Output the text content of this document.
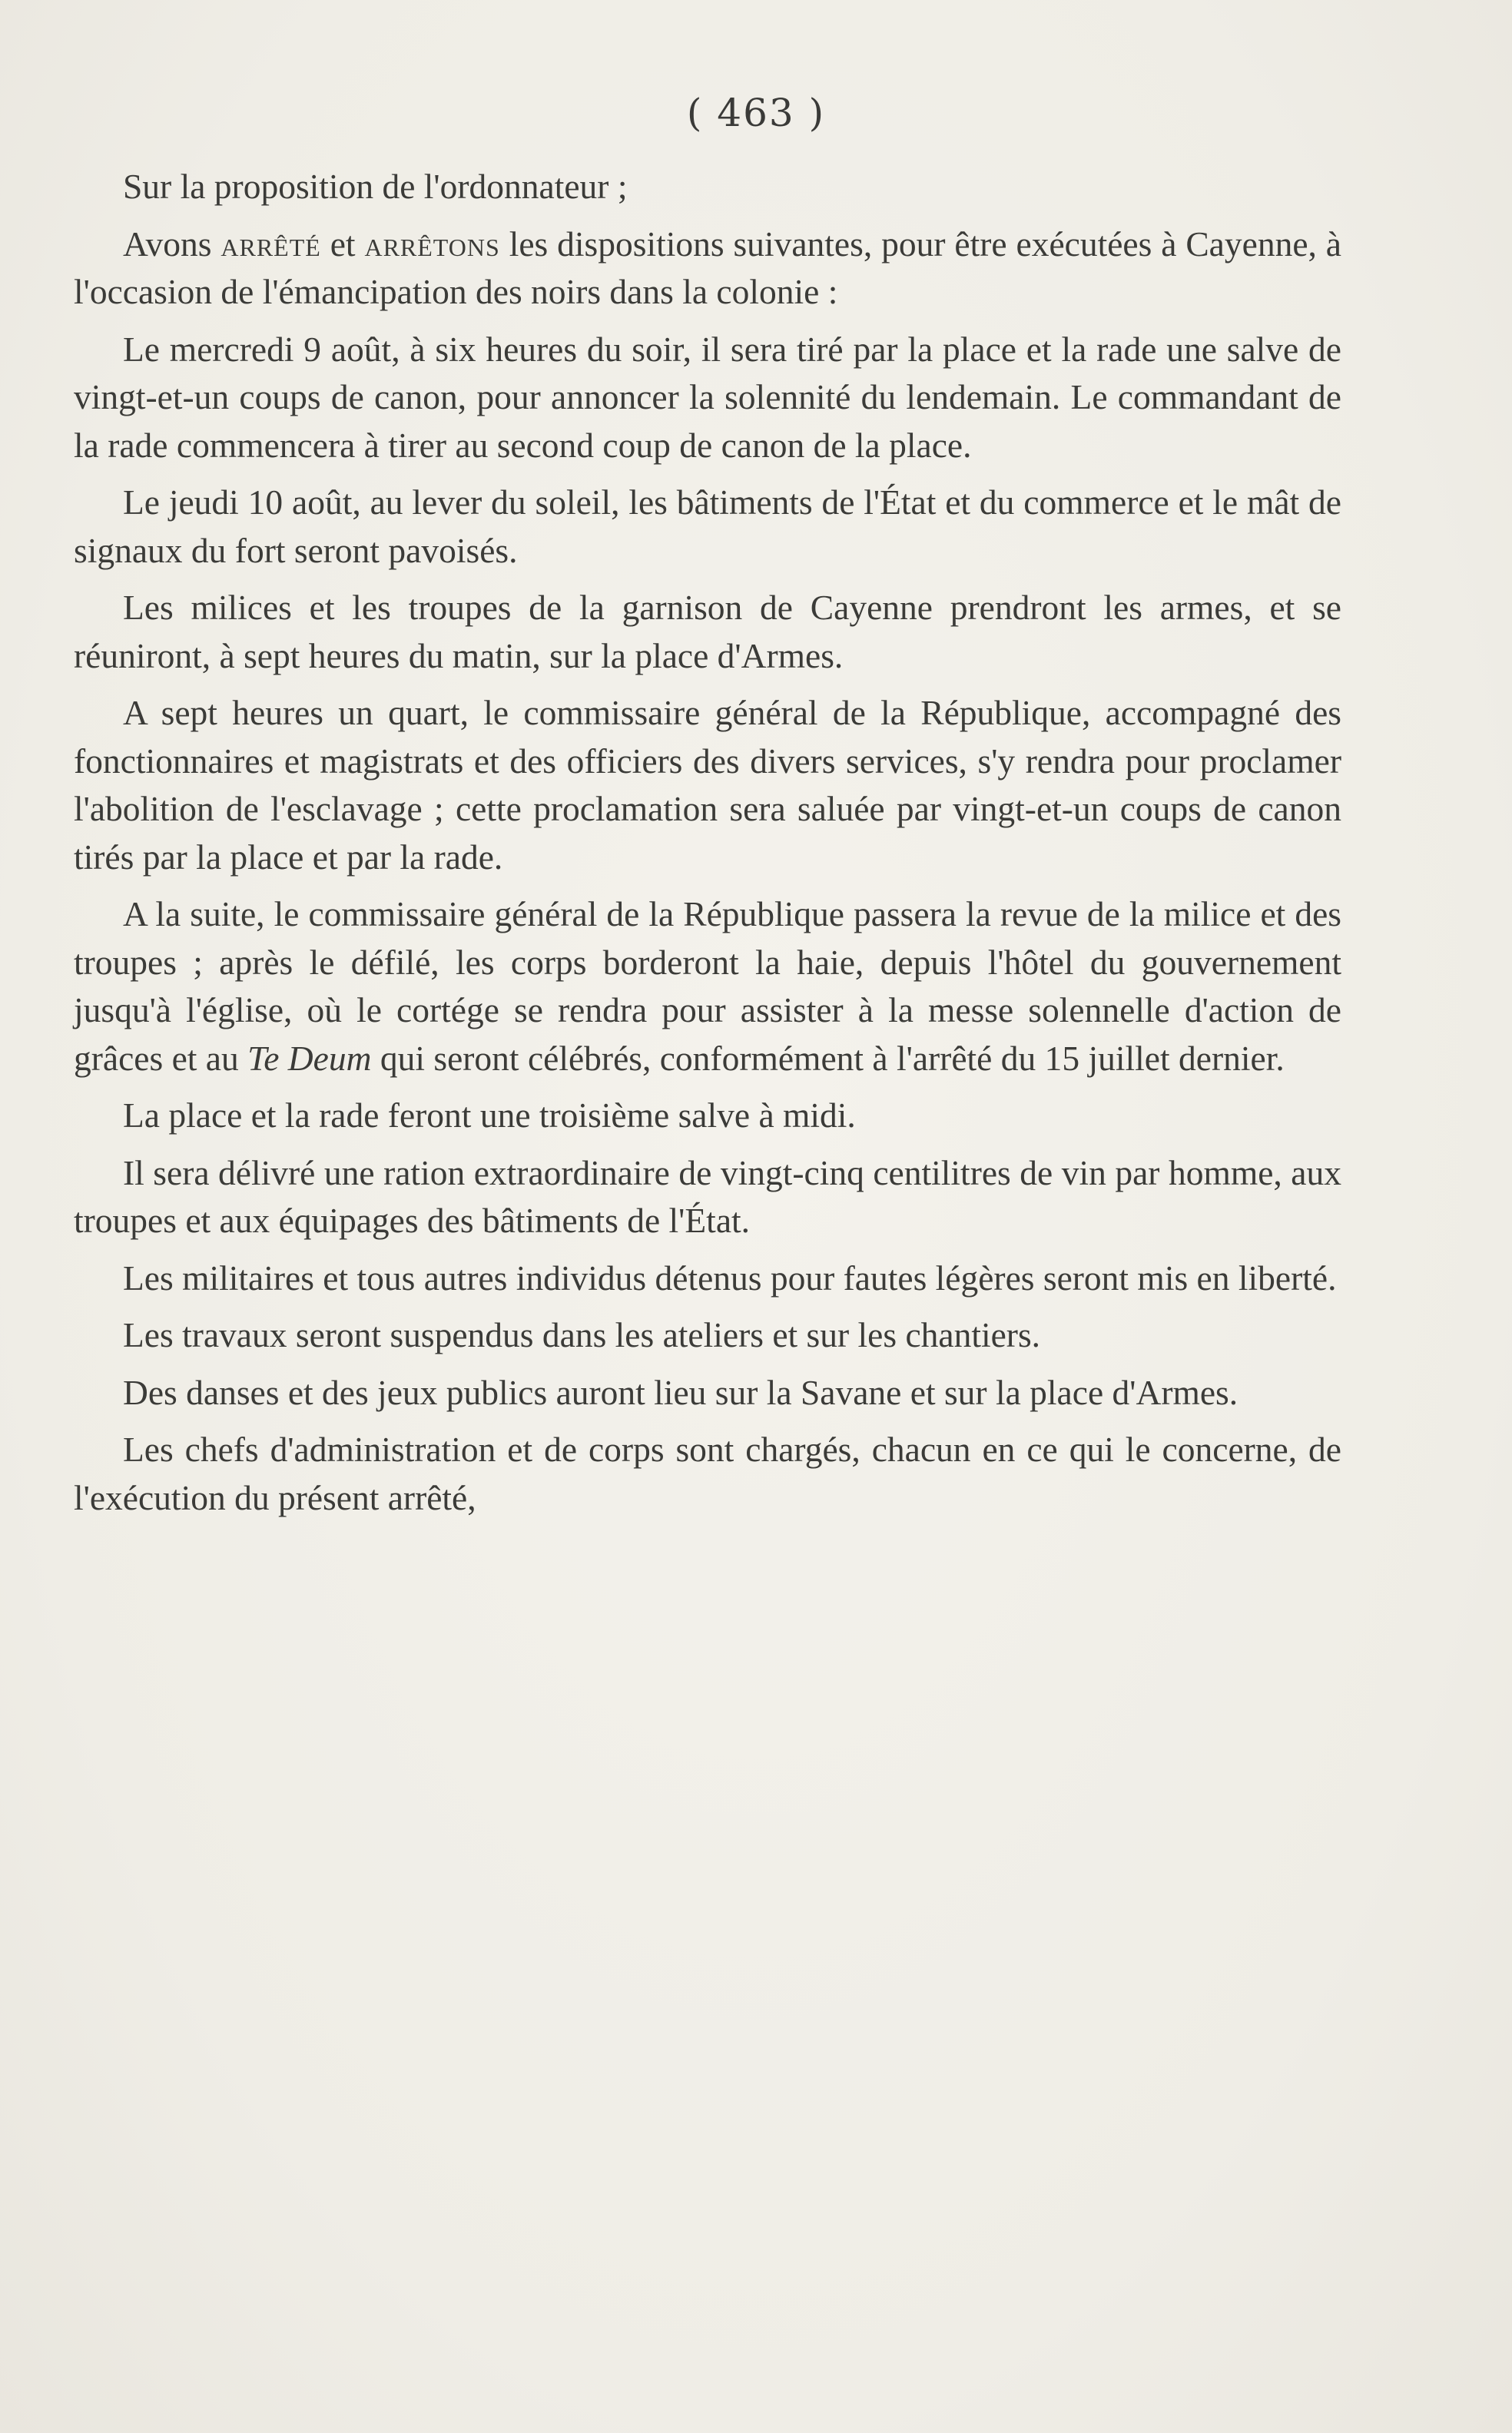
( 463 )

Sur la proposition de l'ordonnateur ;

Avons arrêté et arrêtons les dispositions suivantes, pour être exécutées à Cayenne, à l'occasion de l'émancipation des noirs dans la colonie :

Le mercredi 9 août, à six heures du soir, il sera tiré par la place et la rade une salve de vingt-et-un coups de canon, pour annoncer la solennité du lendemain. Le commandant de la rade commencera à tirer au second coup de canon de la place.

Le jeudi 10 août, au lever du soleil, les bâtiments de l'État et du commerce et le mât de signaux du fort seront pavoisés.

Les milices et les troupes de la garnison de Cayenne prendront les armes, et se réuniront, à sept heures du matin, sur la place d'Armes.

A sept heures un quart, le commissaire général de la République, accompagné des fonctionnaires et magistrats et des officiers des divers services, s'y rendra pour proclamer l'abolition de l'esclavage ; cette proclamation sera saluée par vingt-et-un coups de canon tirés par la place et par la rade.

A la suite, le commissaire général de la République passera la revue de la milice et des troupes ; après le défilé, les corps borderont la haie, depuis l'hôtel du gouvernement jusqu'à l'église, où le cortége se rendra pour assister à la messe solennelle d'action de grâces et au Te Deum qui seront célébrés, conformément à l'arrêté du 15 juillet dernier.

La place et la rade feront une troisième salve à midi.

Il sera délivré une ration extraordinaire de vingt-cinq centilitres de vin par homme, aux troupes et aux équipages des bâtiments de l'État.

Les militaires et tous autres individus détenus pour fautes légères seront mis en liberté.

Les travaux seront suspendus dans les ateliers et sur les chantiers.

Des danses et des jeux publics auront lieu sur la Savane et sur la place d'Armes.

Les chefs d'administration et de corps sont chargés, chacun en ce qui le concerne, de l'exécution du présent arrêté,
